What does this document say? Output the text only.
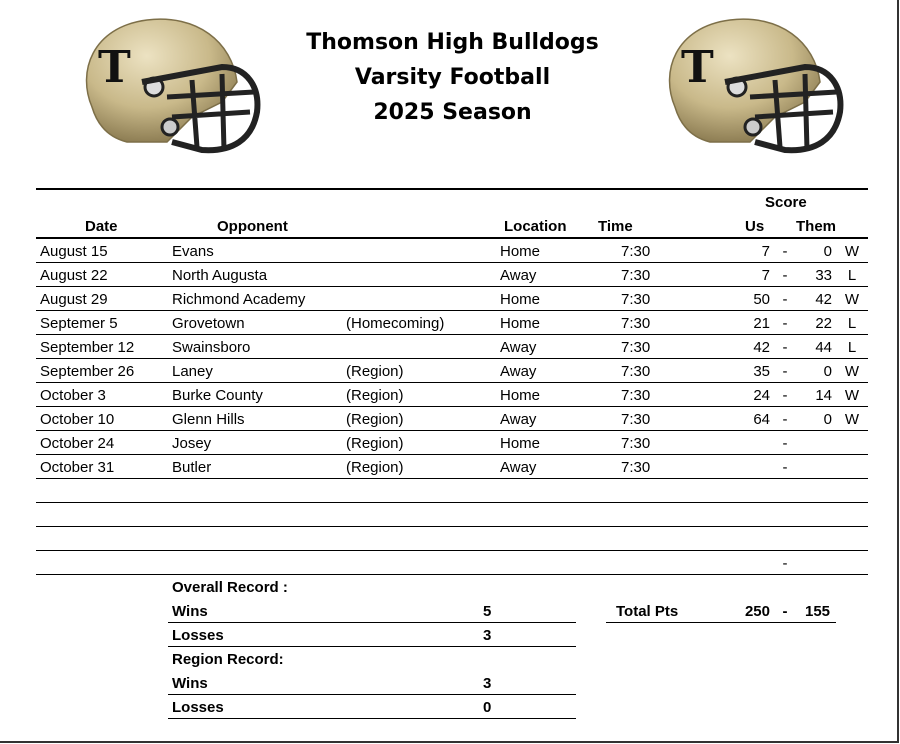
T	T
Thomson High Bulldogs
Varsity Football
2025 Season
Score
Date	Opponent	Location Time	Us Them
August 15	Evans	Home	7:30	7 -	0 W
August 22	North Augusta	Away	7:30	7 -	33	L
August 29	Richmond Academy	Home	7:30	50 -	42 W
Septemer 5	Grovetown	(Homecoming)	Home	7:30	21 -	22	L
September 12	Swainsboro	Away	7:30	42 -	44	L
September 26	Laney	(Region)	Away	7:30	35 -	0 W
October 3	Burke County	(Region)	Home	7:30	24 -	14 W
October 10	Glenn Hills	(Region)	Away	7:30	64 -	0 W
October 24	Josey	(Region)	Home	7:30	-
October 31	Butler	(Region)	Away	7:30	-
-
Overall Record :
Wins	5
Losses	3
Region Record:
Wins	3
Losses	0
Total Pts	250 -	155
